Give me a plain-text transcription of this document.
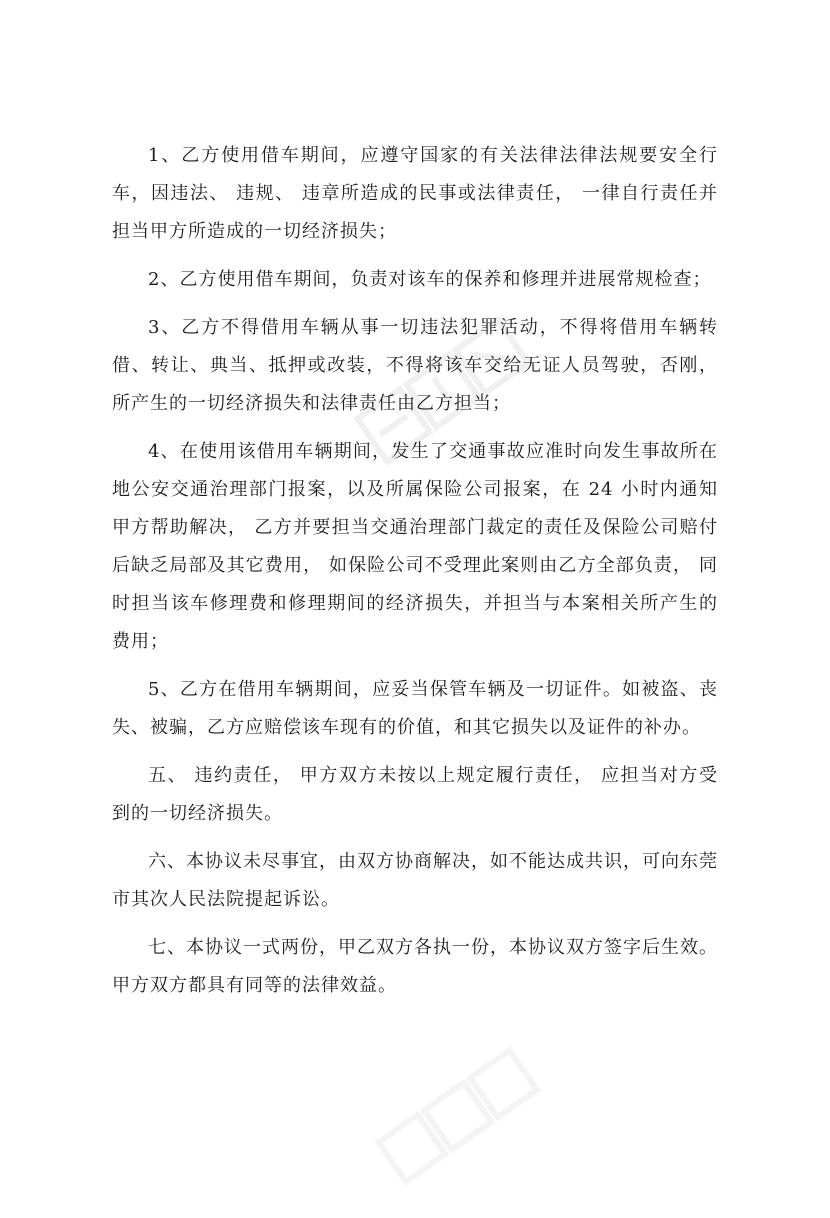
1、乙方使用借车期间，应遵守国家的有关法律法律法规要安全行车，因违法、 违规、 违章所造成的民事或法律责任， 一律自行责任并担当甲方所造成的一切经济损失；

2、乙方使用借车期间，负责对该车的保养和修理并进展常规检查；

3、乙方不得借用车辆从事一切违法犯罪活动，不得将借用车辆转借、转让、典当、抵押或改装，不得将该车交给无证人员驾驶，否刚，所产生的一切经济损失和法律责任由乙方担当；

4、在使用该借用车辆期间，发生了交通事故应准时向发生事故所在地公安交通治理部门报案，以及所属保险公司报案，在 24 小时内通知甲方帮助解决， 乙方并要担当交通治理部门裁定的责任及保险公司赔付后缺乏局部及其它费用， 如保险公司不受理此案则由乙方全部负责， 同时担当该车修理费和修理期间的经济损失，并担当与本案相关所产生的费用；

5、乙方在借用车辆期间，应妥当保管车辆及一切证件。如被盗、丧失、被骗，乙方应赔偿该车现有的价值，和其它损失以及证件的补办。

五、 违约责任， 甲方双方未按以上规定履行责任， 应担当对方受到的一切经济损失。

六、本协议未尽事宜，由双方协商解决，如不能达成共识，可向东莞市其次人民法院提起诉讼。

七、本协议一式两份，甲乙双方各执一份，本协议双方签字后生效。

甲方双方都具有同等的法律效益。
